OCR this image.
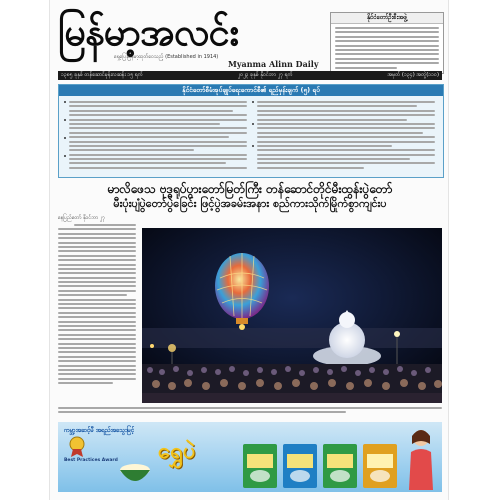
မြန်မာ့အလင်း
ရှေ့ပြေးမြန်မာ့ထုတ်ဝေသည့် (Established in 1914)
Myanma Alinn Daily
နိုင်ငံတော်ဦးစီးအဖွဲ့
၁၃၈၅ ခုနှစ် တန်ဆောင်မုန်းလဆန်း ၁၅ ရက်	၂၀၂၃ ခုနှစ် နိုဝင်ဘာ ၂၇ ရက်	အမှတ် (၁၃၄) အတွဲ(၁၁၀)
နိုင်ငံတော်စီမံအုပ်ချုပ်ရေးကောင်စီ၏ ရည်မှန်းချက် (၅) ရပ်
မာလိဖေသ ဗုဒ္ဓရုပ်ပွားတော်မြတ်ကြီး တန်ဆောင်တိုင်မီးထွန်းပွဲတော်
မီးပုံးပျံပွဲတော်ပွဲခြေင်း ဖြင့်ပွဲအခမ်းအနား စည်ကားသိုက်မြိုက်စွာကျင်းပ
နေပြည်တော် နိုဝင်ဘာ ၂၇
ကမ္ဘာ့အဆင့်မီ အရည်အသွေးမြင့်
Best Practices Award ရွှေပဲ
